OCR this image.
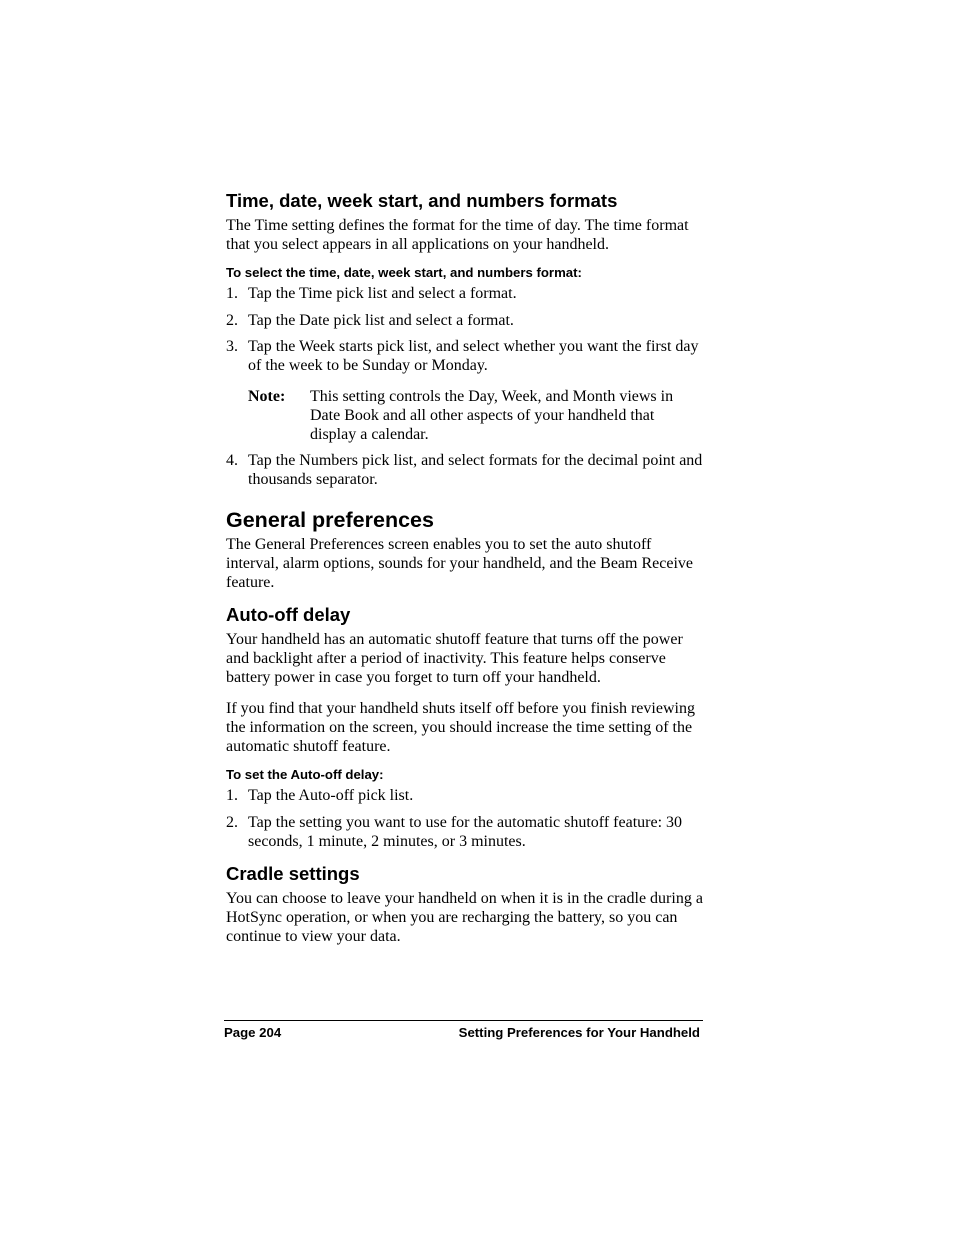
Time, date, week start, and numbers formats

The Time setting defines the format for the time of day. The time format that you select appears in all applications on your handheld.

To select the time, date, week start, and numbers format:

1. Tap the Time pick list and select a format.
2. Tap the Date pick list and select a format.
3. Tap the Week starts pick list, and select whether you want the first day of the week to be Sunday or Monday.
Note: This setting controls the Day, Week, and Month views in Date Book and all other aspects of your handheld that display a calendar.
4. Tap the Numbers pick list, and select formats for the decimal point and thousands separator.
General preferences

The General Preferences screen enables you to set the auto shutoff interval, alarm options, sounds for your handheld, and the Beam Receive feature.

Auto-off delay

Your handheld has an automatic shutoff feature that turns off the power and backlight after a period of inactivity. This feature helps conserve battery power in case you forget to turn off your handheld.

If you find that your handheld shuts itself off before you finish reviewing the information on the screen, you should increase the time setting of the automatic shutoff feature.

To set the Auto-off delay:

1. Tap the Auto-off pick list.
2. Tap the setting you want to use for the automatic shutoff feature: 30 seconds, 1 minute, 2 minutes, or 3 minutes.
Cradle settings

You can choose to leave your handheld on when it is in the cradle during a HotSync operation, or when you are recharging the battery, so you can continue to view your data.

Page 204	Setting Preferences for Your Handheld
